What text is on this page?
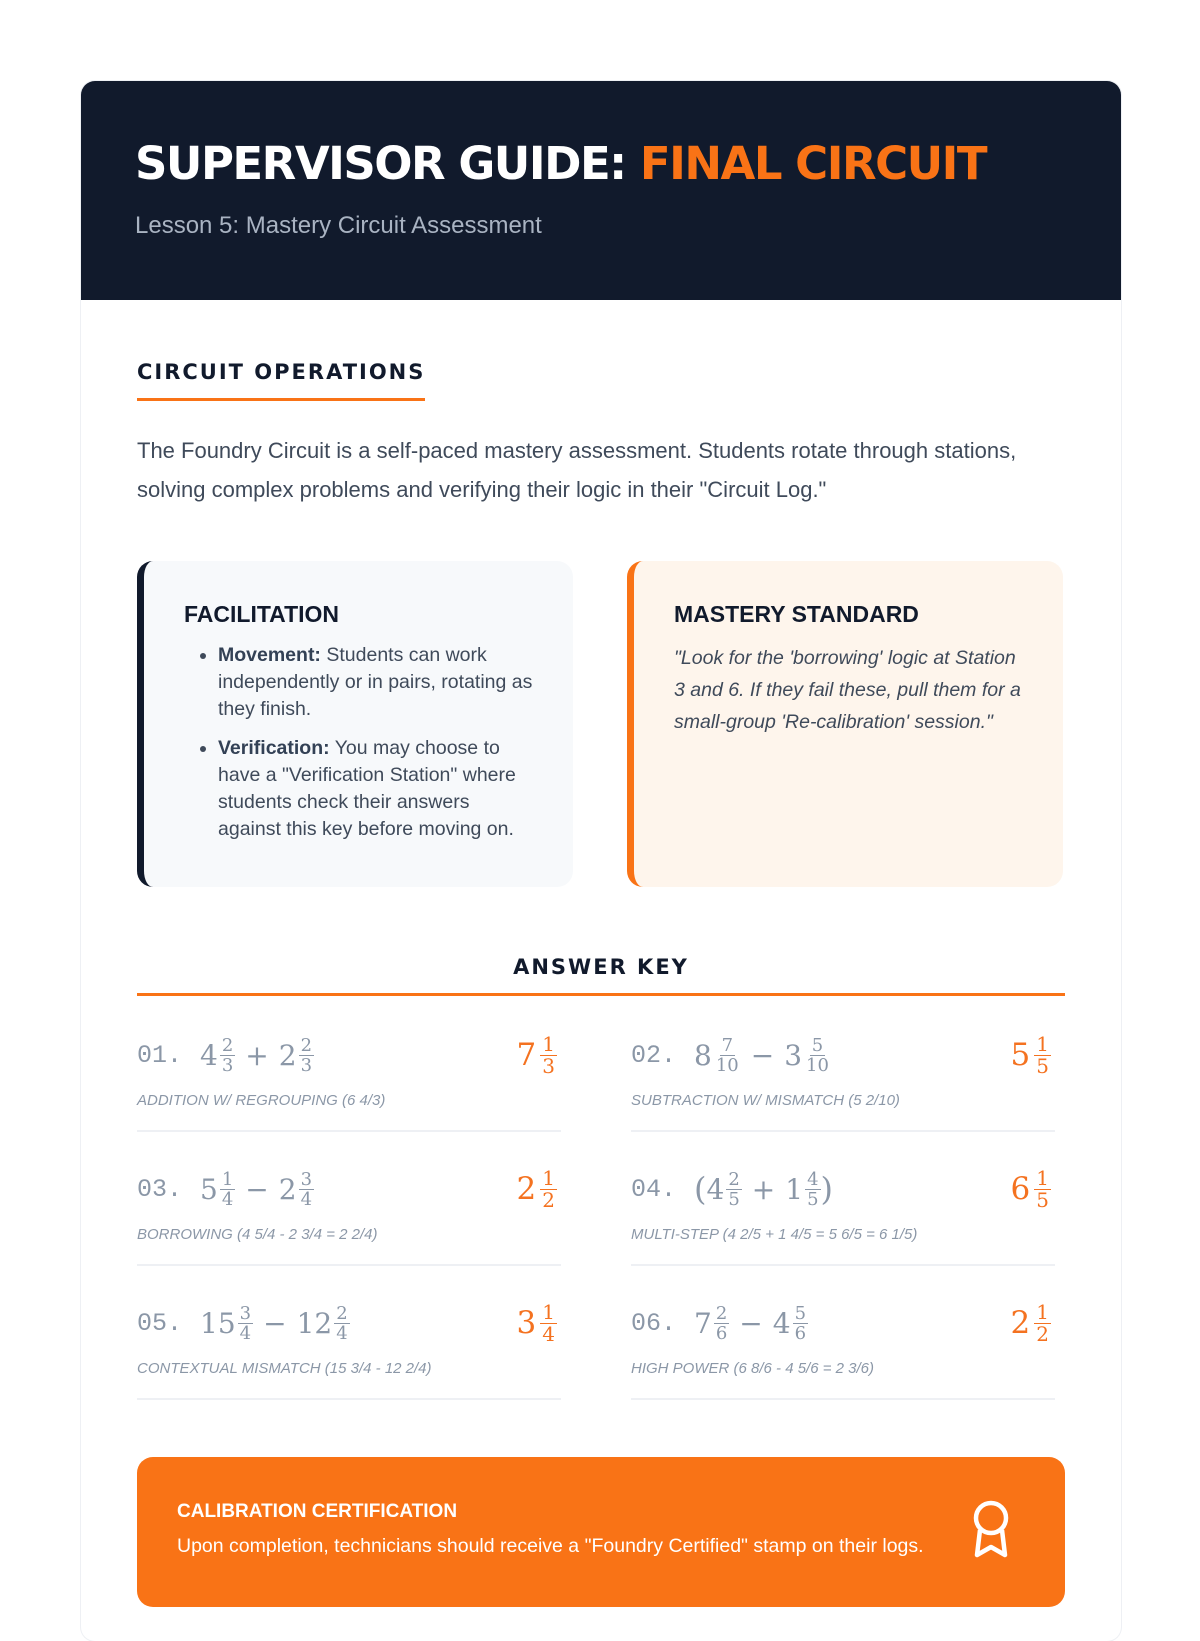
SUPERVISOR GUIDE: FINAL CIRCUIT
Lesson 5: Mastery Circuit Assessment
CIRCUIT OPERATIONS

The Foundry Circuit is a self-paced mastery assessment. Students rotate through stations, solving complex problems and verifying their logic in their "Circuit Log."

FACILITATION
• Movement: Students can work independently or in pairs, rotating as they finish.
• Verification: You may choose to have a "Verification Station" where students check their answers against this key before moving on.
MASTERY STANDARD
"Look for the 'borrowing' logic at Station 3 and 6. If they fail these, pull them for a small-group 'Re-calibration' session."
ANSWER KEY
01. $4 \frac{2}{3} + 2 \frac{2}{3}$	$7 \frac{1}{3}$
ADDITION W/ REGROUPING (6 4/3)
02. $8 \frac{7}{10} - 3 \frac{5}{10}$	$5 \frac{1}{5}$
SUBTRACTION W/ MISMATCH (5 2/10)
03. $5 \frac{1}{4} - 2 \frac{3}{4}$	$2 \frac{1}{2}$
BORROWING (4 5/4 - 2 3/4 = 2 2/4)
04. ( $4 \frac{2}{5} + 1 \frac{4}{5}$ )	$6 \frac{1}{5}$
MULTI-STEP (4 2/5 + 1 4/5 = 5 6/5 = 6 1/5)
05. $15 \frac{3}{4} - 12 \frac{2}{4}$	$3 \frac{1}{4}$
CONTEXTUAL MISMATCH (15 3/4 - 12 2/4)
06. $7 \frac{2}{6} - 4 \frac{5}{6}$	$2 \frac{1}{2}$
HIGH POWER (6 8/6 - 4 5/6 = 2 3/6)
CALIBRATION CERTIFICATION
Upon completion, technicians should receive a "Foundry Certified" stamp on their logs.
